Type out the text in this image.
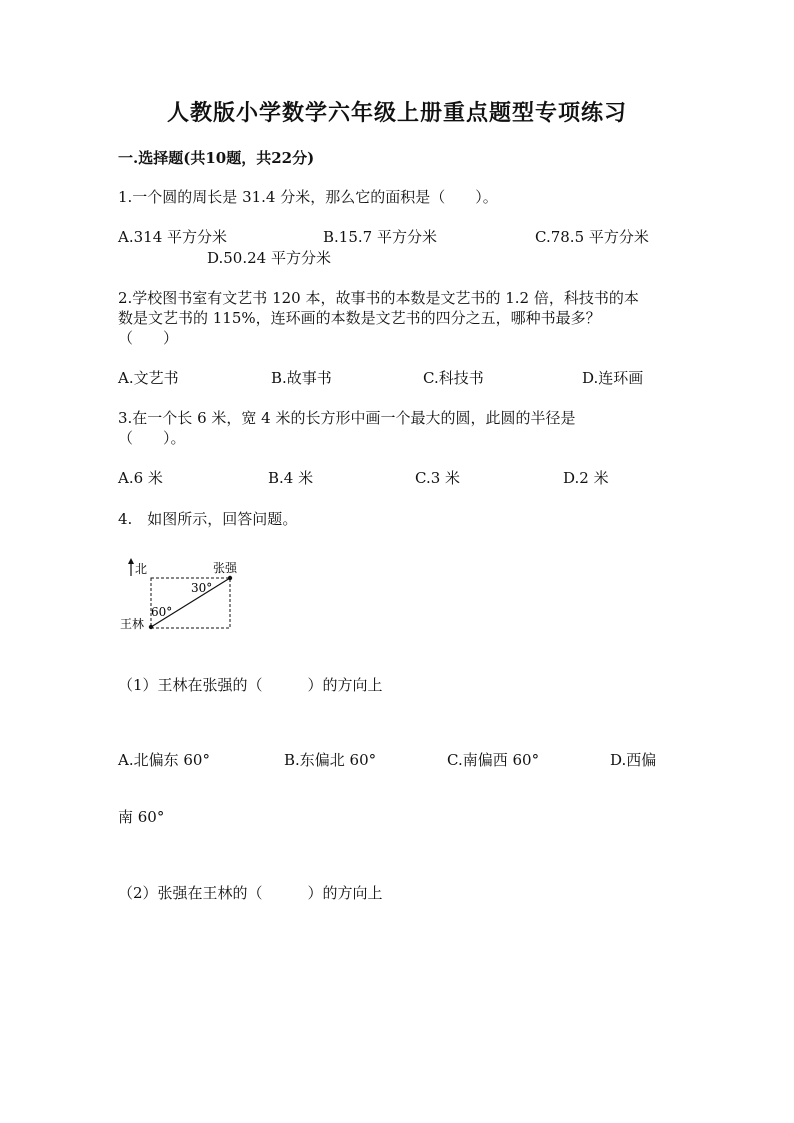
人教版小学数学六年级上册重点题型专项练习
一.选择题(共10题，共22分)
1.一个圆的周长是 31.4 分米，那么它的面积是（　　）。
A.314 平方分米	B.15.7 平方分米	C.78.5 平方分米
D.50.24 平方分米
2.学校图书室有文艺书 120 本，故事书的本数是文艺书的 1.2 倍，科技书的本
数是文艺书的 115%，连环画的本数是文艺书的四分之五，哪种书最多？
（　　）
A.文艺书	B.故事书	C.科技书	D.连环画
3.在一个长 6 米，宽 4 米的长方形中画一个最大的圆，此圆的半径是
（　　）。
A.6 米	B.4 米	C.3 米	D.2 米
4.　如图所示，回答问题。
北	张强
王林
30°
60°
（1）王林在张强的（　　　）的方向上
A.北偏东 60°	B.东偏北 60°	C.南偏西 60°	D.西偏
南 60°
（2）张强在王林的（　　　）的方向上
